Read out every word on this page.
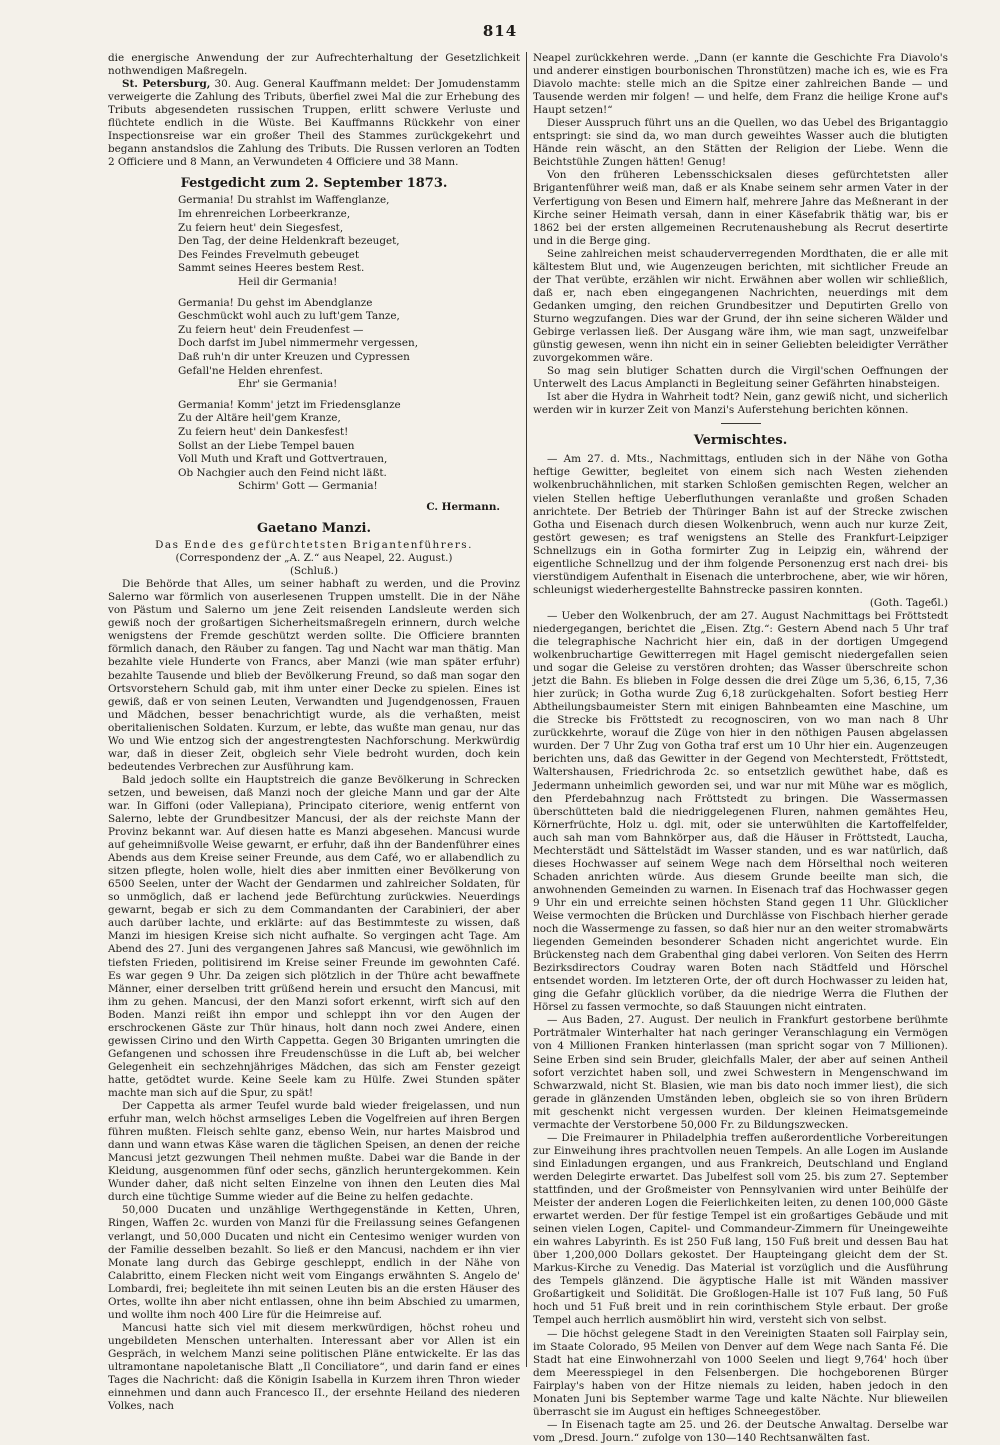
814

die energische Anwendung der zur Aufrechterhaltung der Gesetzlichkeit nothwendigen Maßregeln.

St. Petersburg, 30. Aug. General Kauffmann meldet: Der Jomudenstamm verweigerte die Zahlung des Tributs, überfiel zwei Mal die zur Erhebung des Tributs abgesendeten russischen Truppen, erlitt schwere Verluste und flüchtete endlich in die Wüste. Bei Kauffmanns Rückkehr von einer Inspectionsreise war ein großer Theil des Stammes zurückgekehrt und begann anstandslos die Zahlung des Tributs. Die Russen verloren an Todten 2 Officiere und 8 Mann, an Verwundeten 4 Officiere und 38 Mann.

Festgedicht zum 2. September 1873.
Germania! Du strahlst im Waffenglanze,
Im ehrenreichen Lorbeerkranze,
Zu feiern heut' dein Siegesfest,
Den Tag, der deine Heldenkraft bezeuget,
Des Feindes Frevelmuth gebeuget
Sammt seines Heeres bestem Rest.
Heil dir Germania!
Germania! Du gehst im Abendglanze
Geschmückt wohl auch zu luft'gem Tanze,
Zu feiern heut' dein Freudenfest —
Doch darfst im Jubel nimmermehr vergessen,
Daß ruh'n dir unter Kreuzen und Cypressen
Gefall'ne Helden ehrenfest.
Ehr' sie Germania!
Germania! Komm' jetzt im Friedensglanze
Zu der Altäre heil'gem Kranze,
Zu feiern heut' dein Dankesfest!
Sollst an der Liebe Tempel bauen
Voll Muth und Kraft und Gottvertrauen,
Ob Nachgier auch den Feind nicht läßt.
Schirm' Gott — Germania!
C. Hermann.
Gaetano Manzi.

Das Ende des gefürchtetsten Brigantenführers.

(Correspondenz der „A. Z.“ aus Neapel, 22. August.)

(Schluß.)

Die Behörde that Alles, um seiner habhaft zu werden, und die Provinz Salerno war förmlich von auserlesenen Truppen umstellt. Die in der Nähe von Pästum und Salerno um jene Zeit reisenden Landsleute werden sich gewiß noch der großartigen Sicherheitsmaßregeln erinnern, durch welche wenigstens der Fremde geschützt werden sollte. Die Officiere brannten förmlich danach, den Räuber zu fangen. Tag und Nacht war man thätig. Man bezahlte viele Hunderte von Francs, aber Manzi (wie man später erfuhr) bezahlte Tausende und blieb der Bevölkerung Freund, so daß man sogar den Ortsvorstehern Schuld gab, mit ihm unter einer Decke zu spielen. Eines ist gewiß, daß er von seinen Leuten, Verwandten und Jugendgenossen, Frauen und Mädchen, besser benachrichtigt wurde, als die verhaßten, meist oberitalienischen Soldaten. Kurzum, er lebte, das wußte man genau, nur das Wo und Wie entzog sich der angestrengtesten Nachforschung. Merkwürdig war, daß in dieser Zeit, obgleich sehr Viele bedroht wurden, doch kein bedeutendes Verbrechen zur Ausführung kam.

Bald jedoch sollte ein Hauptstreich die ganze Bevölkerung in Schrecken setzen, und beweisen, daß Manzi noch der gleiche Mann und gar der Alte war. In Giffoni (oder Vallepiana), Principato citeriore, wenig entfernt von Salerno, lebte der Grundbesitzer Mancusi, der als der reichste Mann der Provinz bekannt war. Auf diesen hatte es Manzi abgesehen. Mancusi wurde auf geheimnißvolle Weise gewarnt, er erfuhr, daß ihn der Bandenführer eines Abends aus dem Kreise seiner Freunde, aus dem Café, wo er allabendlich zu sitzen pflegte, holen wolle, hielt dies aber inmitten einer Bevölkerung von 6500 Seelen, unter der Wacht der Gendarmen und zahlreicher Soldaten, für so unmöglich, daß er lachend jede Befürchtung zurückwies. Neuerdings gewarnt, begab er sich zu dem Commandanten der Carabinieri, der aber auch darüber lachte, und erklärte: auf das Bestimmteste zu wissen, daß Manzi im hiesigen Kreise sich nicht aufhalte. So vergingen acht Tage. Am Abend des 27. Juni des vergangenen Jahres saß Mancusi, wie gewöhnlich im tiefsten Frieden, politisirend im Kreise seiner Freunde im gewohnten Café. Es war gegen 9 Uhr. Da zeigen sich plötzlich in der Thüre acht bewaffnete Männer, einer derselben tritt grüßend herein und ersucht den Mancusi, mit ihm zu gehen. Mancusi, der den Manzi sofort erkennt, wirft sich auf den Boden. Manzi reißt ihn empor und schleppt ihn vor den Augen der erschrockenen Gäste zur Thür hinaus, holt dann noch zwei Andere, einen gewissen Cirino und den Wirth Cappetta. Gegen 30 Briganten umringten die Gefangenen und schossen ihre Freudenschüsse in die Luft ab, bei welcher Gelegenheit ein sechzehnjähriges Mädchen, das sich am Fenster gezeigt hatte, getödtet wurde. Keine Seele kam zu Hülfe. Zwei Stunden später machte man sich auf die Spur, zu spät!

Der Cappetta als armer Teufel wurde bald wieder freigelassen, und nun erfuhr man, welch höchst armseliges Leben die Vogelfreien auf ihren Bergen führen mußten. Fleisch sehlte ganz, ebenso Wein, nur hartes Maisbrod und dann und wann etwas Käse waren die täglichen Speisen, an denen der reiche Mancusi jetzt gezwungen Theil nehmen mußte. Dabei war die Bande in der Kleidung, ausgenommen fünf oder sechs, gänzlich heruntergekommen. Kein Wunder daher, daß nicht selten Einzelne von ihnen den Leuten dies Mal durch eine tüchtige Summe wieder auf die Beine zu helfen gedachte.

50,000 Ducaten und unzählige Werthgegenstände in Ketten, Uhren, Ringen, Waffen 2c. wurden von Manzi für die Freilassung seines Gefangenen verlangt, und 50,000 Ducaten und nicht ein Centesimo weniger wurden von der Familie desselben bezahlt. So ließ er den Mancusi, nachdem er ihn vier Monate lang durch das Gebirge geschleppt, endlich in der Nähe von Calabritto, einem Flecken nicht weit vom Eingangs erwähnten S. Angelo de' Lombardi, frei; begleitete ihn mit seinen Leuten bis an die ersten Häuser des Ortes, wollte ihn aber nicht entlassen, ohne ihn beim Abschied zu umarmen, und wollte ihm noch 400 Lire für die Heimreise auf.

Mancusi hatte sich viel mit diesem merkwürdigen, höchst roheu und ungebildeten Menschen unterhalten. Interessant aber vor Allen ist ein Gespräch, in welchem Manzi seine politischen Pläne entwickelte. Er las das ultramontane napoletanische Blatt „Il Conciliatore“, und darin fand er eines Tages die Nachricht: daß die Königin Isabella in Kurzem ihren Thron wieder einnehmen und dann auch Francesco II., der ersehnte Heiland des niederen Volkes, nach

Neapel zurückkehren werde. „Dann (er kannte die Geschichte Fra Diavolo's und anderer einstigen bourbonischen Thronstützen) mache ich es, wie es Fra Diavolo machte: stelle mich an die Spitze einer zahlreichen Bande — und Tausende werden mir folgen! — und helfe, dem Franz die heilige Krone auf's Haupt setzen!“

Dieser Ausspruch führt uns an die Quellen, wo das Uebel des Brigantaggio entspringt: sie sind da, wo man durch geweihtes Wasser auch die blutigten Hände rein wäscht, an den Stätten der Religion der Liebe. Wenn die Beichtstühle Zungen hätten! Genug!

Von den früheren Lebensschicksalen dieses gefürchtetsten aller Brigantenführer weiß man, daß er als Knabe seinem sehr armen Vater in der Verfertigung von Besen und Eimern half, mehrere Jahre das Meßnerant in der Kirche seiner Heimath versah, dann in einer Käsefabrik thätig war, bis er 1862 bei der ersten allgemeinen Recrutenaushebung als Recrut desertirte und in die Berge ging.

Seine zahlreichen meist schauderverregenden Mordthaten, die er alle mit kältestem Blut und, wie Augenzeugen berichten, mit sichtlicher Freude an der That verübte, erzählen wir nicht. Erwähnen aber wollen wir schließlich, daß er, nach eben eingegangenen Nachrichten, neuerdings mit dem Gedanken umging, den reichen Grundbesitzer und Deputirten Grello von Sturno wegzufangen. Dies war der Grund, der ihn seine sicheren Wälder und Gebirge verlassen ließ. Der Ausgang wäre ihm, wie man sagt, unzweifelbar günstig gewesen, wenn ihn nicht ein in seiner Geliebten beleidigter Verräther zuvorgekommen wäre.

So mag sein blutiger Schatten durch die Virgil'schen Oeffnungen der Unterwelt des Lacus Amplancti in Begleitung seiner Gefährten hinabsteigen.

Ist aber die Hydra in Wahrheit todt? Nein, ganz gewiß nicht, und sicherlich werden wir in kurzer Zeit von Manzi's Auferstehung berichten können.

Vermischtes.

— Am 27. d. Mts., Nachmittags, entluden sich in der Nähe von Gotha heftige Gewitter, begleitet von einem sich nach Westen ziehenden wolkenbruchähnlichen, mit starken Schloßen gemischten Regen, welcher an vielen Stellen heftige Ueberfluthungen veranlaßte und großen Schaden anrichtete. Der Betrieb der Thüringer Bahn ist auf der Strecke zwischen Gotha und Eisenach durch diesen Wolkenbruch, wenn auch nur kurze Zeit, gestört gewesen; es traf wenigstens an Stelle des Frankfurt-Leipziger Schnellzugs ein in Gotha formirter Zug in Leipzig ein, während der eigentliche Schnellzug und der ihm folgende Personenzug erst nach drei- bis vierstündigem Aufenthalt in Eisenach die unterbrochene, aber, wie wir hören, schleunigst wiederhergestellte Bahnstrecke passiren konnten.

(Goth. Tageбl.)

— Ueber den Wolkenbruch, der am 27. August Nachmittags bei Fröttstedt niedergegangen, berichtet die „Eisen. Ztg.“: Gestern Abend nach 5 Uhr traf die telegraphische Nachricht hier ein, daß in der dortigen Umgegend wolkenbruchartige Gewitterregen mit Hagel gemischt niedergefallen seien und sogar die Geleise zu verstören drohten; das Wasser überschreite schon jetzt die Bahn. Es blieben in Folge dessen die drei Züge um 5,36, 6,15, 7,36 hier zurück; in Gotha wurde Zug 6,18 zurückgehalten. Sofort bestieg Herr Abtheilungsbaumeister Stern mit einigen Bahnbeamten eine Maschine, um die Strecke bis Fröttstedt zu recognosciren, von wo man nach 8 Uhr zurückkehrte, worauf die Züge von hier in den nöthigen Pausen abgelassen wurden. Der 7 Uhr Zug von Gotha traf erst um 10 Uhr hier ein. Augenzeugen berichten uns, daß das Gewitter in der Gegend von Mechterstedt, Fröttstedt, Waltershausen, Friedrichroda 2c. so entsetzlich gewüthet habe, daß es Jedermann unheimlich geworden sei, und war nur mit Mühe war es möglich, den Pferdebahnzug nach Fröttstedt zu bringen. Die Wassermassen überschütteten bald die niedriggelegenen Fluren, nahmen gemähtes Heu, Körnerfrüchte, Holz u. dgl. mit, oder sie unterwühlten die Kartoffelfelder, auch sah man vom Bahnkörper aus, daß die Häuser in Fröttstedt, Laucha, Mechterstädt und Sättelstädt im Wasser standen, und es war natürlich, daß dieses Hochwasser auf seinem Wege nach dem Hörselthal noch weiteren Schaden anrichten würde. Aus diesem Grunde beeilte man sich, die anwohnenden Gemeinden zu warnen. In Eisenach traf das Hochwasser gegen 9 Uhr ein und erreichte seinen höchsten Stand gegen 11 Uhr. Glücklicher Weise vermochten die Brücken und Durchlässe von Fischbach hierher gerade noch die Wassermenge zu fassen, so daß hier nur an den weiter stromabwärts liegenden Gemeinden besonderer Schaden nicht angerichtet wurde. Ein Brückensteg nach dem Grabenthal ging dabei verloren. Von Seiten des Herrn Bezirksdirectors Coudray waren Boten nach Städtfeld und Hörschel entsendet worden. Im letzteren Orte, der oft durch Hochwasser zu leiden hat, ging die Gefahr glücklich vorüber, da die niedrige Werra die Fluthen der Hörsel zu fassen vermochte, so daß Stauungen nicht eintraten.

— Aus Baden, 27. August. Der neulich in Frankfurt gestorbene berühmte Porträtmaler Winterhalter hat nach geringer Veranschlagung ein Vermögen von 4 Millionen Franken hinterlassen (man spricht sogar von 7 Millionen). Seine Erben sind sein Bruder, gleichfalls Maler, der aber auf seinen Antheil sofort verzichtet haben soll, und zwei Schwestern in Mengenschwand im Schwarzwald, nicht St. Blasien, wie man bis dato noch immer liest), die sich gerade in glänzenden Umständen leben, obgleich sie so von ihren Brüdern mit geschenkt nicht vergessen wurden. Der kleinen Heimatsgemeinde vermachte der Verstorbene 50,000 Fr. zu Bildungszwecken.

— Die Freimaurer in Philadelphia treffen außerordentliche Vorbereitungen zur Einweihung ihres prachtvollen neuen Tempels. An alle Logen im Auslande sind Einladungen ergangen, und aus Frankreich, Deutschland und England werden Delegirte erwartet. Das Jubelfest soll vom 25. bis zum 27. September stattfinden, und der Großmeister von Pennsylvanien wird unter Beihülfe der Meister der anderen Logen die Feierlichkeiten leiten, zu denen 100,000 Gäste erwartet werden. Der für festige Tempel ist ein großartiges Gebäude und mit seinen vielen Logen, Capitel- und Commandeur-Zimmern für Uneingeweihte ein wahres Labyrinth. Es ist 250 Fuß lang, 150 Fuß breit und dessen Bau hat über 1,200,000 Dollars gekostet. Der Haupteingang gleicht dem der St. Markus-Kirche zu Venedig. Das Material ist vorzüglich und die Ausführung des Tempels glänzend. Die ägyptische Halle ist mit Wänden massiver Großartigkeit und Solidität. Die Großlogen-Halle ist 107 Fuß lang, 50 Fuß hoch und 51 Fuß breit und in rein corinthischem Style erbaut. Der große Tempel auch herrlich ausmöblirt hin wird, versteht sich von selbst.

— Die höchst gelegene Stadt in den Vereinigten Staaten soll Fairplay sein, im Staate Colorado, 95 Meilen von Denver auf dem Wege nach Santa Fé. Die Stadt hat eine Einwohnerzahl von 1000 Seelen und liegt 9,764' hoch über dem Meeresspiegel in den Felsenbergen. Die hochgeborenen Bürger Fairplay's haben von der Hitze niemals zu leiden, haben jedoch in den Monaten Juni bis September warme Tage und kalte Nächte. Nur blieweilen überrascht sie im August ein heftiges Schneegestöber.

— In Eisenach tagte am 25. und 26. der Deutsche Anwaltag. Derselbe war vom „Dresd. Journ.“ zufolge von 130—140 Rechtsanwälten fast.
